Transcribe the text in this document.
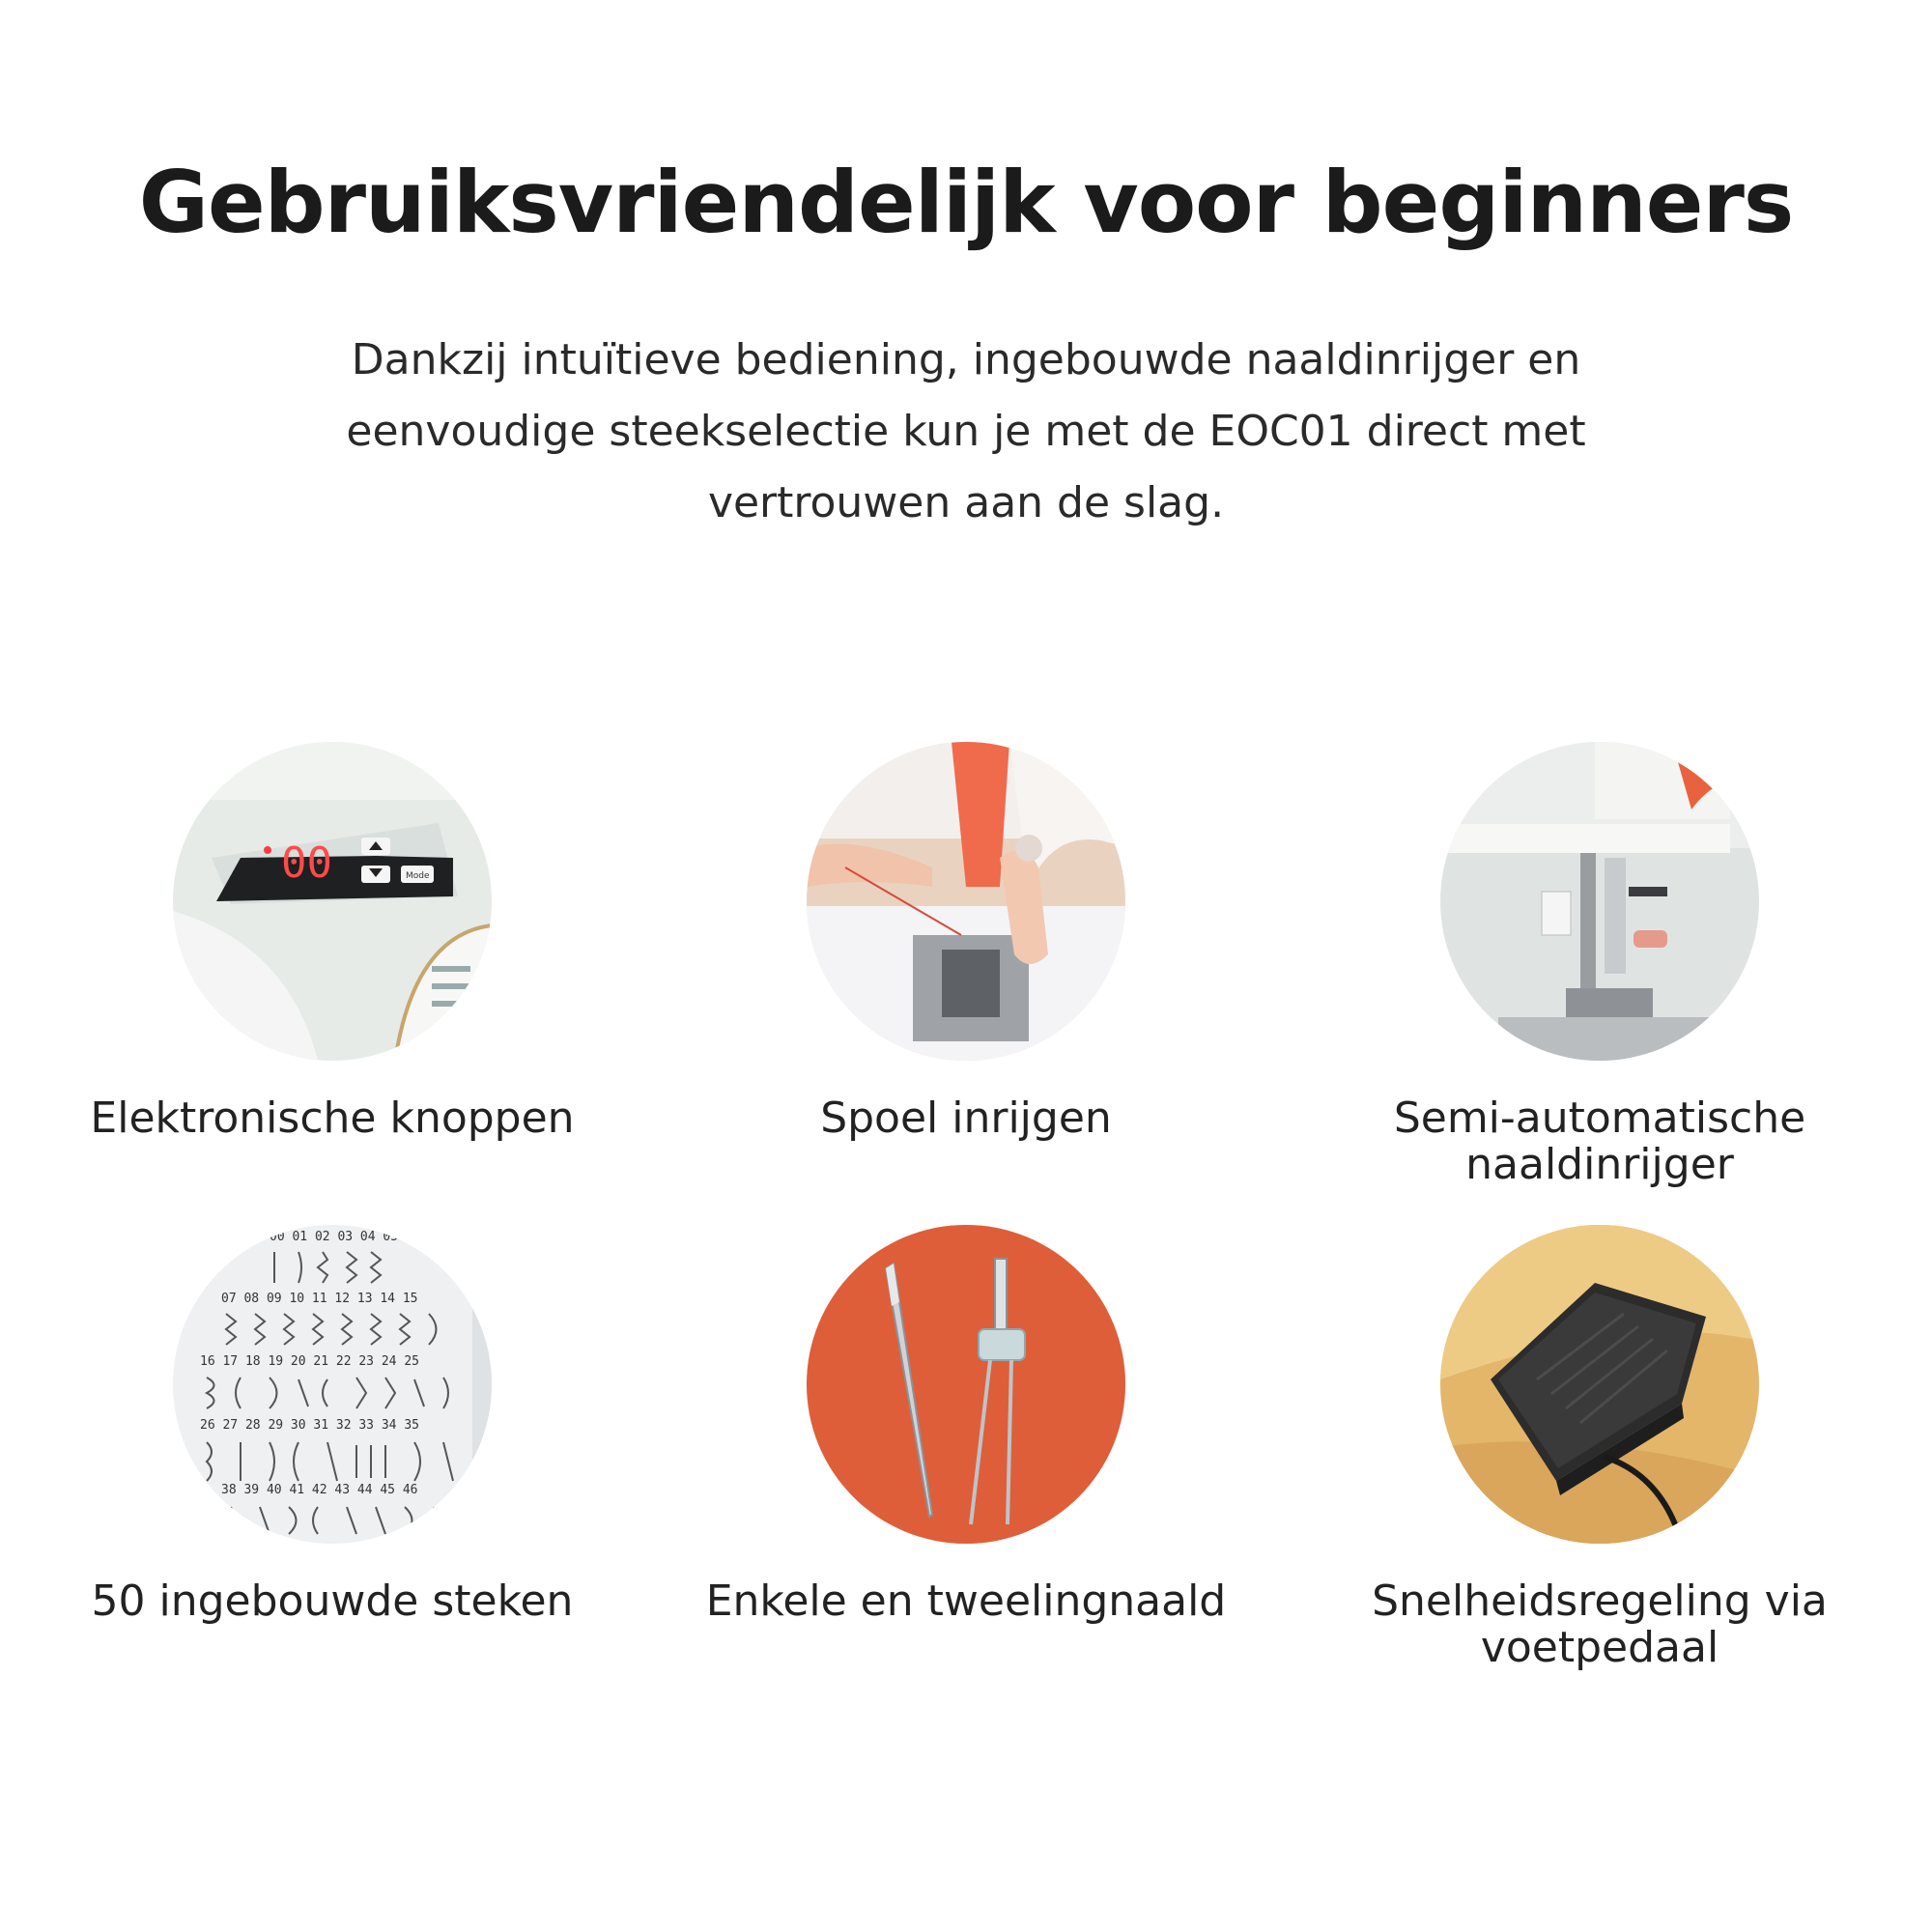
Gebruiksvriendelijk voor beginners

Dankzij intuïtieve bediening, ingebouwde naaldinrijger en eenvoudige steekselectie kun je met de EOC01 direct met vertrouwen aan de slag.

00	Mode
Elektronische knoppen	Spoel inrijgen	Semi-automatische naaldinrijger
00 01 02 03 04 05
07 08 09 10 11 12 13 14 15
16 17 18 19 20 21 22 23 24 25
26 27 28 29 30 31 32 33 34 35
38 39 40 41 42 43 44 45 46
50 ingebouwde steken	Enkele en tweelingnaald	Snelheidsregeling via voetpedaal
